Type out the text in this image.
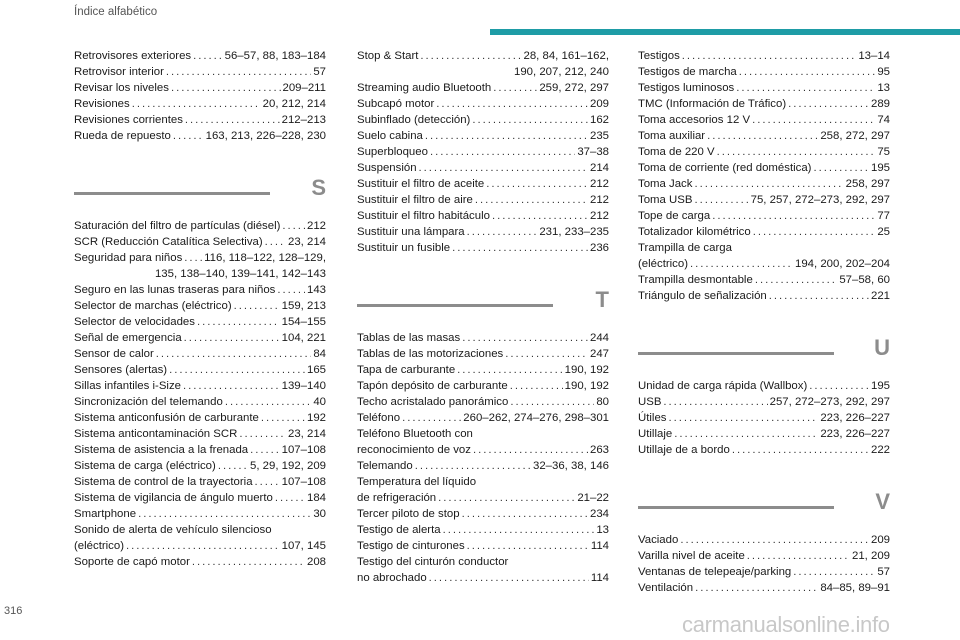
Índice alfabético
Retrovisores exteriores . . .	56–57, 88, 183–184
Retrovisor interior . . .	57
Revisar los niveles . . .	209–211
Revisiones . . .	20, 212, 214
Revisiones corrientes . . .	212–213
Rueda de repuesto . . .	163, 213, 226–228, 230
S
Saturación del filtro de partículas (diésel) . . . 212
SCR (Reducción Catalítica Selectiva) . . . 23, 214
Seguridad para niños . . . 116, 118–122, 128–129,
135, 138–140, 139–141, 142–143
Seguro en las lunas traseras para niños . . .	143
Selector de marchas (eléctrico) . . .	159, 213
Selector de velocidades . . .	154–155
Señal de emergencia . . .	104, 221
Sensor de calor . . .	84
Sensores (alertas) . . .	165
Sillas infantiles i-Size . . .	139–140
Sincronización del telemando . . .	40
Sistema anticonfusión de carburante . . .	192
Sistema anticontaminación SCR . . .	23, 214
Sistema de asistencia a la frenada . . .	107–108
Sistema de carga (eléctrico) . . .	5, 29, 192, 209
Sistema de control de la trayectoria . . .	107–108
Sistema de vigilancia de ángulo muerto . . .	184
Smartphone . . .	30
Sonido de alerta de vehículo silencioso
(eléctrico) . . .	107, 145
Soporte de capó motor . . .	208
Stop & Start . . .	28, 84, 161–162,
190, 207, 212, 240
Streaming audio Bluetooth . . .	259, 272, 297
Subcapó motor . . .	209
Subinflado (detección) . . .	162
Suelo cabina . . .	235
Superbloqueo . . .	37–38
Suspensión . . .	214
Sustituir el filtro de aceite . . .	212
Sustituir el filtro de aire . . .	212
Sustituir el filtro habitáculo . . .	212
Sustituir una lámpara . . .	231, 233–235
Sustituir un fusible . . .	236
T
Tablas de las masas . . .	244
Tablas de las motorizaciones . . .	247
Tapa de carburante . . .	190, 192
Tapón depósito de carburante . . .	190, 192
Techo acristalado panorámico . . .	80
Teléfono . . .	260–262, 274–276, 298–301
Teléfono Bluetooth con
reconocimiento de voz . . .	263
Telemando . . .	32–36, 38, 146
Temperatura del líquido
de refrigeración . . .	21–22
Tercer piloto de stop . . .	234
Testigo de alerta . . .	13
Testigo de cinturones . . .	114
Testigo del cinturón conductor
no abrochado . . .	114
Testigos . . .	13–14
Testigos de marcha . . .	95
Testigos luminosos . . .	13
TMC (Información de Tráfico) . . .	289
Toma accesorios 12 V . . .	74
Toma auxiliar . . .	258, 272, 297
Toma de 220 V . . .	75
Toma de corriente (red doméstica) . . .	195
Toma Jack . . .	258, 297
Toma USB . . .	75, 257, 272–273, 292, 297
Tope de carga . . .	77
Totalizador kilométrico . . .	25
Trampilla de carga
(eléctrico) . . .	194, 200, 202–204
Trampilla desmontable . . .	57–58, 60
Triángulo de señalización . . .	221
U
Unidad de carga rápida (Wallbox) . . .	195
USB . . .	257, 272–273, 292, 297
Útiles . . .	223, 226–227
Utillaje . . .	223, 226–227
Utillaje de a bordo . . .	222
V
Vaciado . . .	209
Varilla nivel de aceite . . .	21, 209
Ventanas de telepeaje/parking . . .	57
Ventilación . . .	84–85, 89–91
316
carmanualsonline.info
